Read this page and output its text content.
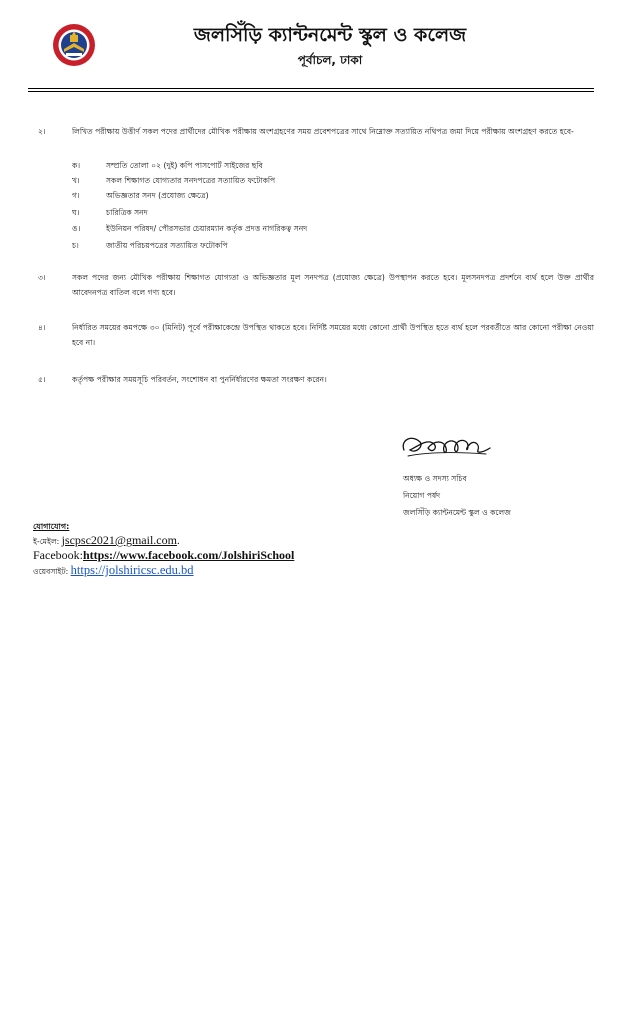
জলসিঁড়ি ক্যান্টনমেন্ট স্কুল ও কলেজ
পূর্বাচল, ঢাকা
২।	লিখিত পরীক্ষায় উত্তীর্ণ সকল পদের প্রার্থীদের মৌখিক পরীক্ষায় অংশগ্রহণের সময় প্রবেশপত্রের সাথে নিম্নোক্ত সত্যায়িত নথিপত্র জমা দিয়ে পরীক্ষায় অংশগ্রহণ করতে হবে-
ক।	সম্প্রতি তোলা ০২ (দুই) কপি পাসপোর্ট সাইজের ছবি
খ।	সকল শিক্ষাগত যোগ্যতার সনদপত্রের সত্যায়িত ফটোকপি
গ।	অভিজ্ঞতার সনদ (প্রযোজ্য ক্ষেত্রে)
ঘ।	চারিত্রিক সনদ
ঙ।	ইউনিয়ন পরিষদ/ পৌরসভার চেয়ারম্যান কর্তৃক প্রদত্ত নাগরিকত্ব সনদ
চ।	জাতীয় পরিচয়পত্রের সত্যায়িত ফটোকপি
৩।	সকল পদের জন্য মৌখিক পরীক্ষায় শিক্ষাগত যোগ্যতা ও অভিজ্ঞতার মূল সনদপত্র (প্রযোজ্য ক্ষেত্রে) উপস্থাপন করতে হবে। মূলসনদপত্র প্রদর্শনে ব্যর্থ হলে উক্ত প্রার্থীর আবেদনপত্র বাতিল বলে গণ্য হবে।
৪।	নির্ধারিত সময়ের কমপক্ষে ৩০ (মিনিট) পূর্বে পরীক্ষাকেন্দ্রে উপস্থিত থাকতে হবে। নির্দিষ্ট সময়ের মধ্যে কোনো প্রার্থী উপস্থিত হতে ব্যর্থ হলে পরবর্তীতে আর কোনো পরীক্ষা নেওয়া হবে না।
৫।	কর্তৃপক্ষ পরীক্ষার সময়সূচি পরিবর্তন, সংশোধন বা পুনর্নির্ধারণের ক্ষমতা সংরক্ষণ করেন।
অধ্যক্ষ ও সদস্য সচিব
নিয়োগ পর্ষদ
জলসিঁড়ি ক্যান্টনমেন্ট স্কুল ও কলেজ
যোগাযোগ:
ই-মেইল: jscpsc2021@gmail.com.
Facebook:https://www.facebook.com/JolshiriSchool
ওয়েবসাইট: https://jolshiricsc.edu.bd
